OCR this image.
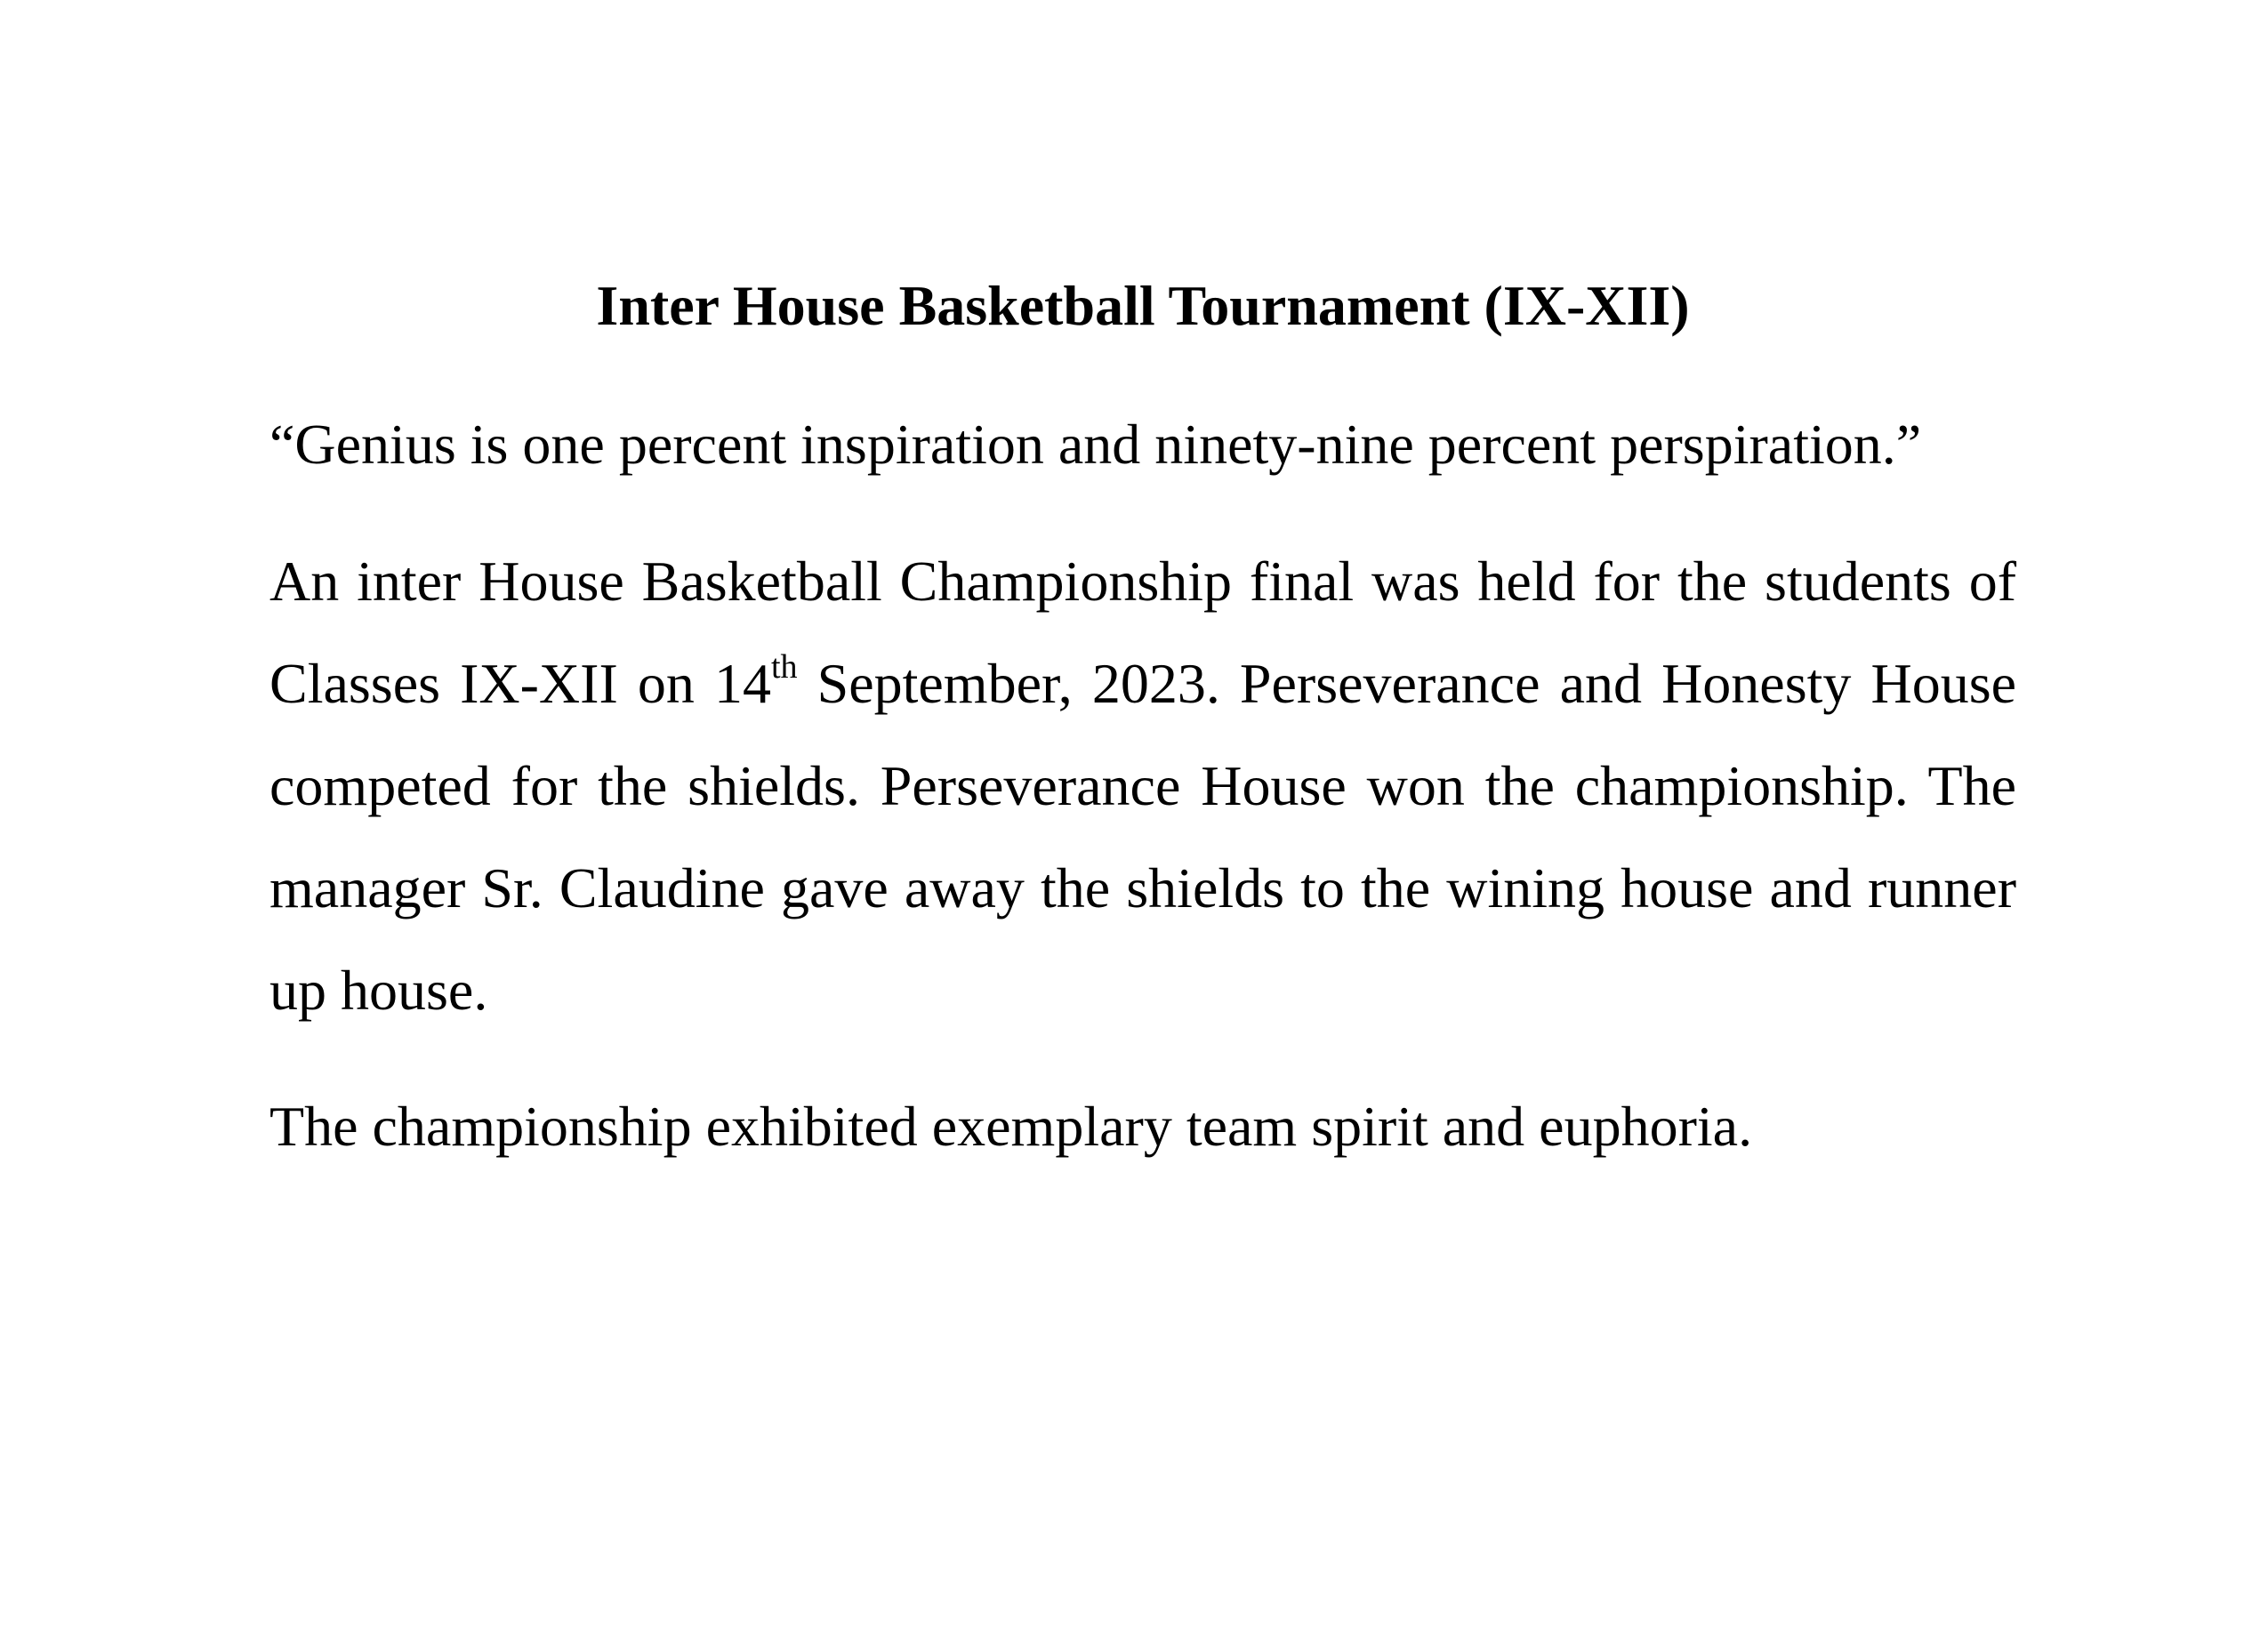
Inter House Basketball Tournament (IX-XII)

“Genius is one percent inspiration and ninety-nine percent perspiration.”

An inter House Basketball Championship final was held for the students of Classes IX-XII on 14th September, 2023. Perseverance and Honesty House competed for the shields. Perseverance House won the championship. The manager Sr. Claudine gave away the shields to the wining house and runner up house.

The championship exhibited exemplary team spirit and euphoria.
